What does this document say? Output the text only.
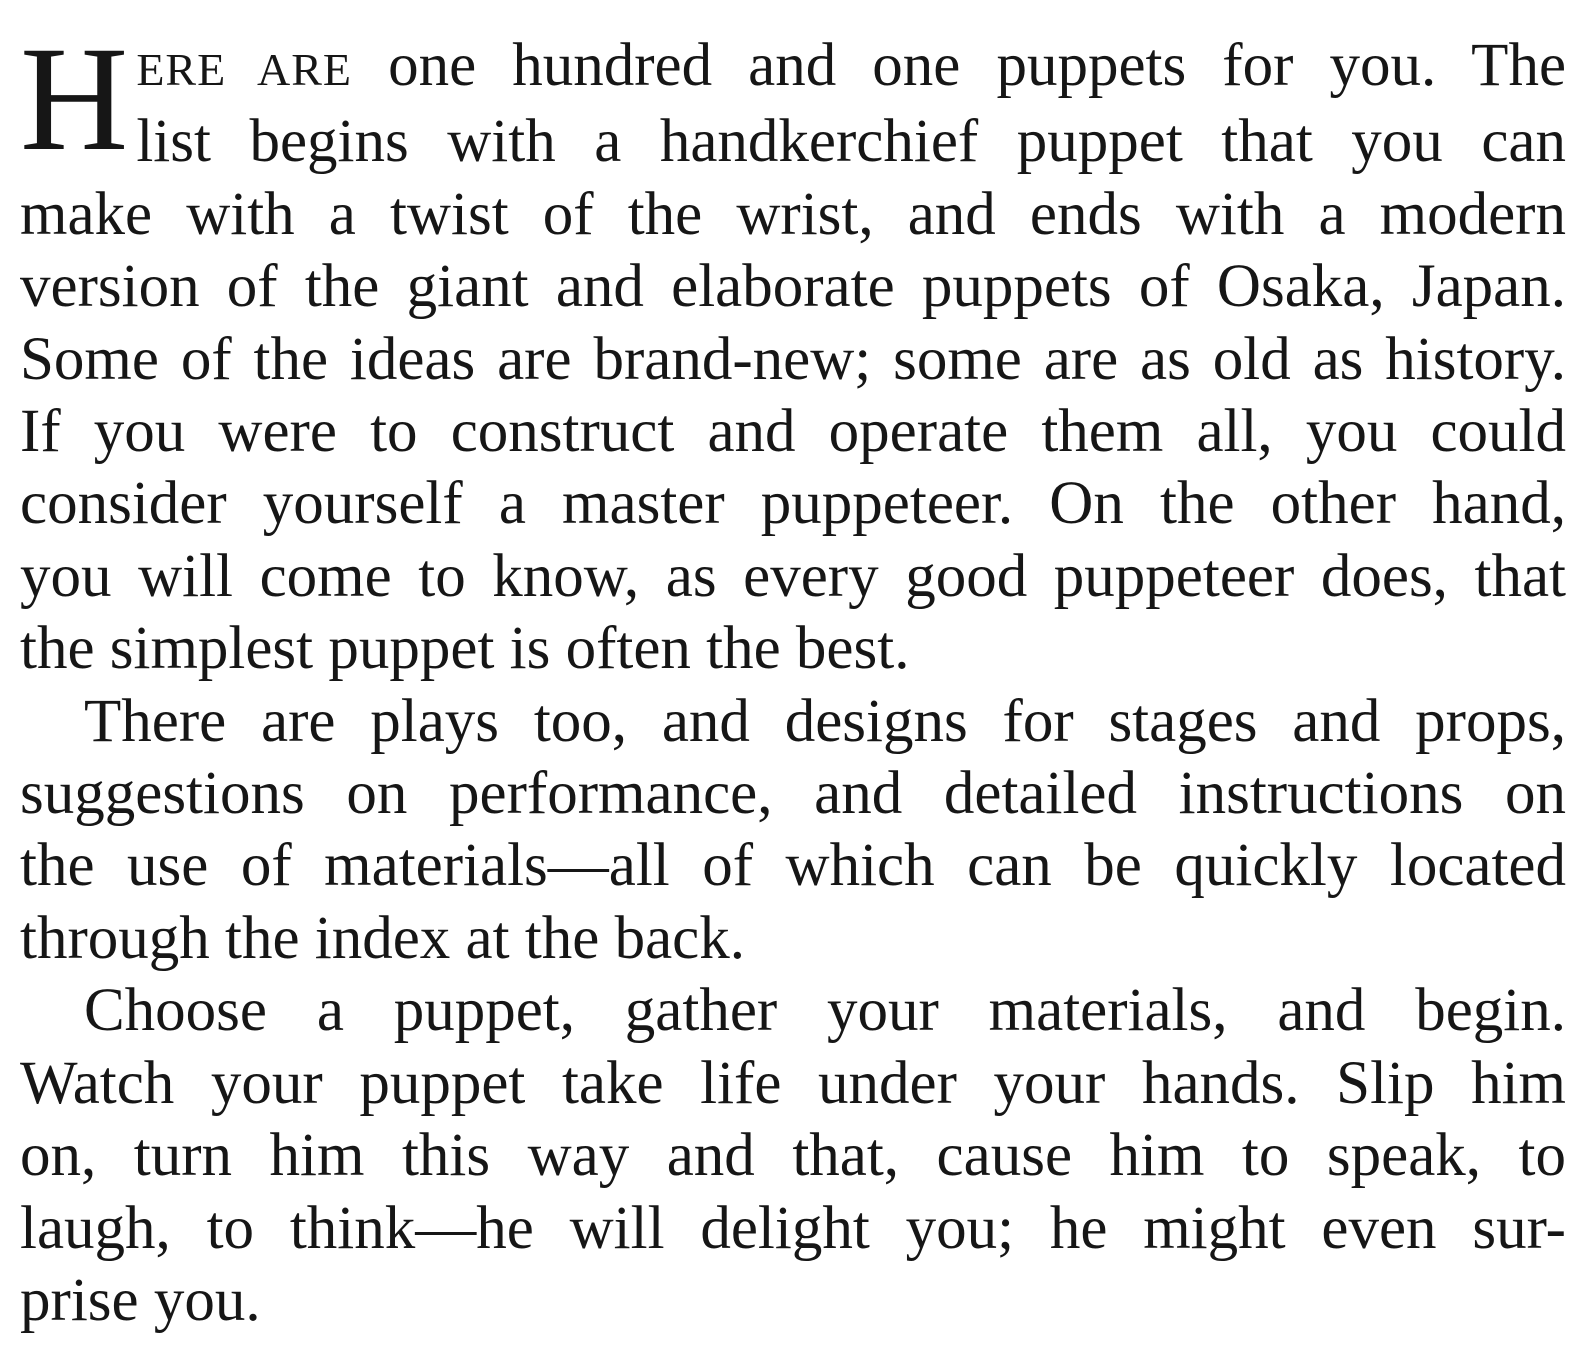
H ERE ARE one hundred and one puppets for you. The
list begins with a handkerchief puppet that you can
make with a twist of the wrist, and ends with a modern
version of the giant and elaborate puppets of Osaka, Japan.
Some of the ideas are brand-new; some are as old as history.
If you were to construct and operate them all, you could
consider yourself a master puppeteer. On the other hand,
you will come to know, as every good puppeteer does, that
the simplest puppet is often the best.
There are plays too, and designs for stages and props,
suggestions on performance, and detailed instructions on
the use of materials—all of which can be quickly located
through the index at the back.
Choose a puppet, gather your materials, and begin.
Watch your puppet take life under your hands. Slip him
on, turn him this way and that, cause him to speak, to
laugh, to think—he will delight you; he might even sur-
prise you.
